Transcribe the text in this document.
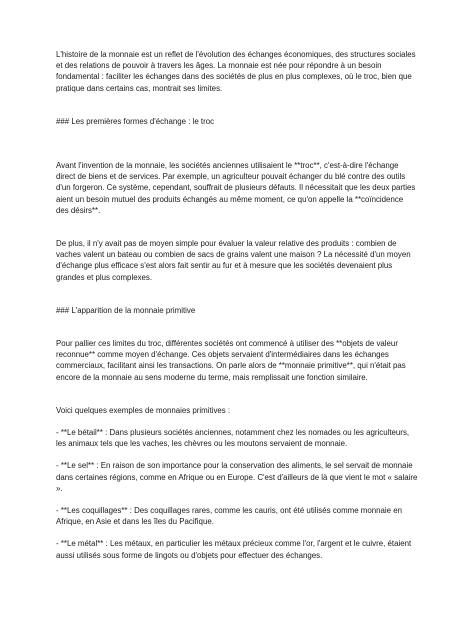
L'histoire de la monnaie est un reflet de l'évolution des échanges économiques, des structures sociales et des relations de pouvoir à travers les âges. La monnaie est née pour répondre à un besoin fondamental : faciliter les échanges dans des sociétés de plus en plus complexes, où le troc, bien que pratique dans certains cas, montrait ses limites.

### Les premières formes d'échange : le troc

Avant l'invention de la monnaie, les sociétés anciennes utilisaient le **troc**, c'est-à-dire l'échange direct de biens et de services. Par exemple, un agriculteur pouvait échanger du blé contre des outils d'un forgeron. Ce système, cependant, souffrait de plusieurs défauts. Il nécessitait que les deux parties aient un besoin mutuel des produits échangés au même moment, ce qu'on appelle la **coïncidence des désirs**.

De plus, il n'y avait pas de moyen simple pour évaluer la valeur relative des produits : combien de vaches valent un bateau ou combien de sacs de grains valent une maison ? La nécessité d'un moyen d'échange plus efficace s'est alors fait sentir au fur et à mesure que les sociétés devenaient plus grandes et plus complexes.

### L'apparition de la monnaie primitive

Pour pallier ces limites du troc, différentes sociétés ont commencé à utiliser des **objets de valeur reconnue** comme moyen d'échange. Ces objets servaient d'intermédiaires dans les échanges commerciaux, facilitant ainsi les transactions. On parle alors de **monnaie primitive**, qui n'était pas encore de la monnaie au sens moderne du terme, mais remplissait une fonction similaire.

Voici quelques exemples de monnaies primitives :

- **Le bétail** : Dans plusieurs sociétés anciennes, notamment chez les nomades ou les agriculteurs, les animaux tels que les vaches, les chèvres ou les moutons servaient de monnaie.

- **Le sel** : En raison de son importance pour la conservation des aliments, le sel servait de monnaie dans certaines régions, comme en Afrique ou en Europe. C'est d'ailleurs de là que vient le mot « salaire ».

- **Les coquillages** : Des coquillages rares, comme les cauris, ont été utilisés comme monnaie en Afrique, en Asie et dans les îles du Pacifique.

- **Le métal** : Les métaux, en particulier les métaux précieux comme l'or, l'argent et le cuivre, étaient aussi utilisés sous forme de lingots ou d'objets pour effectuer des échanges.
